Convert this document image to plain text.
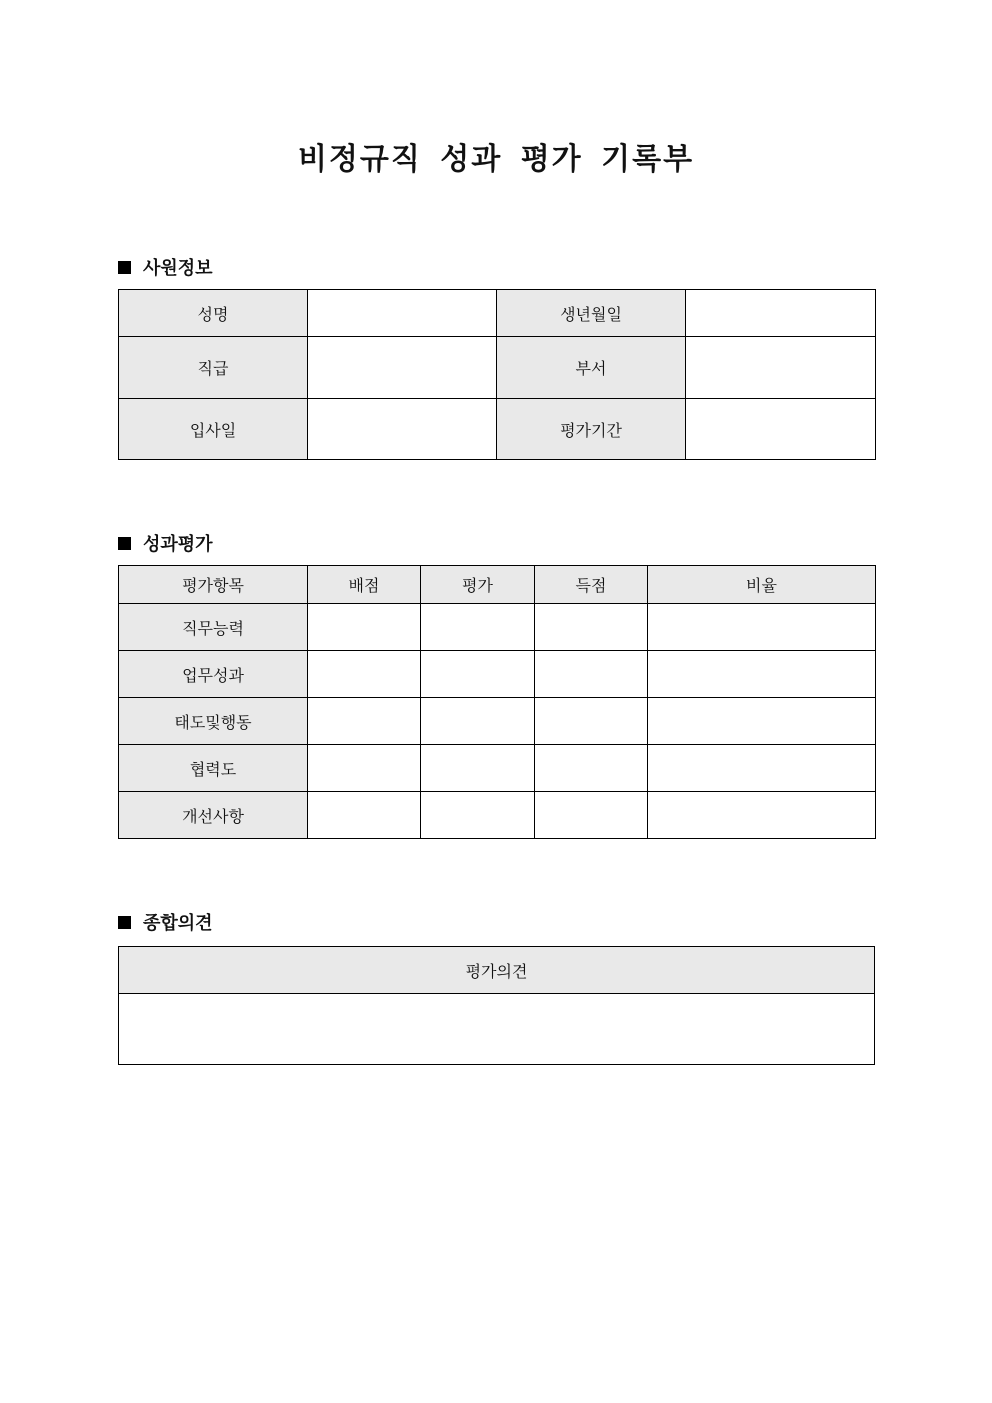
비정규직 성과 평가 기록부
사원정보
성명		생년월일	
직급		부서	
입사일		평가기간	
성과평가
평가항목	배점	평가	득점	비율
직무능력				
업무성과				
태도및행동				
협력도				
개선사항				
종합의견
평가의견
